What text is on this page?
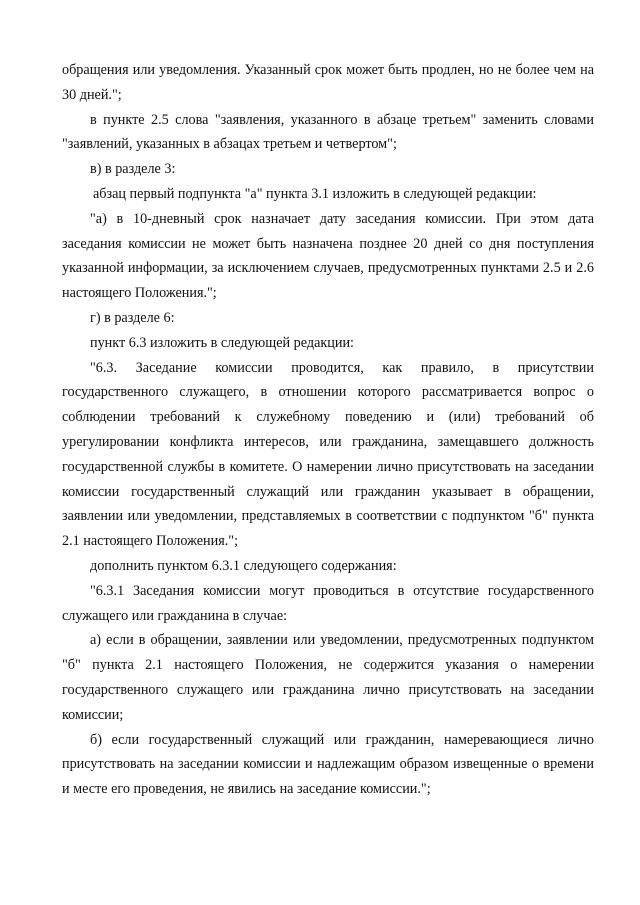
обращения или уведомления. Указанный срок может быть продлен, но не более чем на 30 дней.";

в пункте 2.5 слова "заявления, указанного в абзаце третьем" заменить словами "заявлений, указанных в абзацах третьем и четвертом";

в) в разделе 3:

абзац первый подпункта "а" пункта 3.1 изложить в следующей редакции:

"а) в 10-дневный срок назначает дату заседания комиссии. При этом дата заседания комиссии не может быть назначена позднее 20 дней со дня поступления указанной информации, за исключением случаев, предусмотренных пунктами 2.5 и 2.6 настоящего Положения.";

г) в разделе 6:

пункт 6.3 изложить в следующей редакции:

"6.3. Заседание комиссии проводится, как правило, в присутствии государственного служащего, в отношении которого рассматривается вопрос о соблюдении требований к служебному поведению и (или) требований об урегулировании конфликта интересов, или гражданина, замещавшего должность государственной службы в комитете. О намерении лично присутствовать на заседании комиссии государственный служащий или гражданин указывает в обращении, заявлении или уведомлении, представляемых в соответствии с подпунктом "б" пункта 2.1 настоящего Положения.";

дополнить пунктом 6.3.1 следующего содержания:

"6.3.1 Заседания комиссии могут проводиться в отсутствие государственного служащего или гражданина в случае:

а) если в обращении, заявлении или уведомлении, предусмотренных подпунктом "б" пункта 2.1 настоящего Положения, не содержится указания о намерении государственного служащего или гражданина лично присутствовать на заседании комиссии;

б) если государственный служащий или гражданин, намеревающиеся лично присутствовать на заседании комиссии и надлежащим образом извещенные о времени и месте его проведения, не явились на заседание комиссии.";
